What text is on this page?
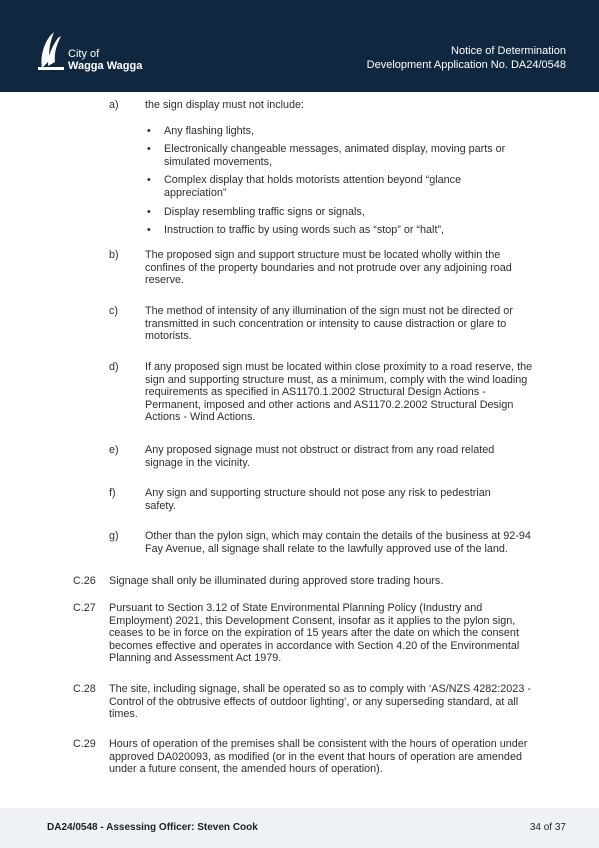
City of
Wagga Wagga
Notice of Determination
Development Application No. DA24/0548
a) the sign display must not include:
• Any flashing lights,
• Electronically changeable messages, animated display, moving parts or simulated movements,
• Complex display that holds motorists attention beyond “glance appreciation”
• Display resembling traffic signs or signals,
• Instruction to traffic by using words such as “stop” or “halt”,
b) The proposed sign and support structure must be located wholly within the confines of the property boundaries and not protrude over any adjoining road reserve.
c)	The method of intensity of any illumination of the sign must not be directed or transmitted in such concentration or intensity to cause distraction or glare to motorists.
d) If any proposed sign must be located within close proximity to a road reserve, the sign and supporting structure must, as a minimum, comply with the wind loading requirements as specified in AS1170.1.2002 Structural Design Actions - Permanent, imposed and other actions and AS1170.2.2002 Structural Design Actions - Wind Actions.
e) Any proposed signage must not obstruct or distract from any road related signage in the vicinity.
f)	Any sign and supporting structure should not pose any risk to pedestrian safety.
g) Other than the pylon sign, which may contain the details of the business at 92-94 Fay Avenue, all signage shall relate to the lawfully approved use of the land.
C.26 Signage shall only be illuminated during approved store trading hours.
C.27 Pursuant to Section 3.12 of State Environmental Planning Policy (Industry and Employment) 2021, this Development Consent, insofar as it applies to the pylon sign, ceases to be in force on the expiration of 15 years after the date on which the consent becomes effective and operates in accordance with Section 4.20 of the Environmental Planning and Assessment Act 1979.
C.28 The site, including signage, shall be operated so as to comply with ‘AS/NZS 4282:2023 - Control of the obtrusive effects of outdoor lighting’, or any superseding standard, at all times.
C.29 Hours of operation of the premises shall be consistent with the hours of operation under approved DA020093, as modified (or in the event that hours of operation are amended under a future consent, the amended hours of operation).
DA24/0548 - Assessing Officer: Steven Cook	34 of 37
